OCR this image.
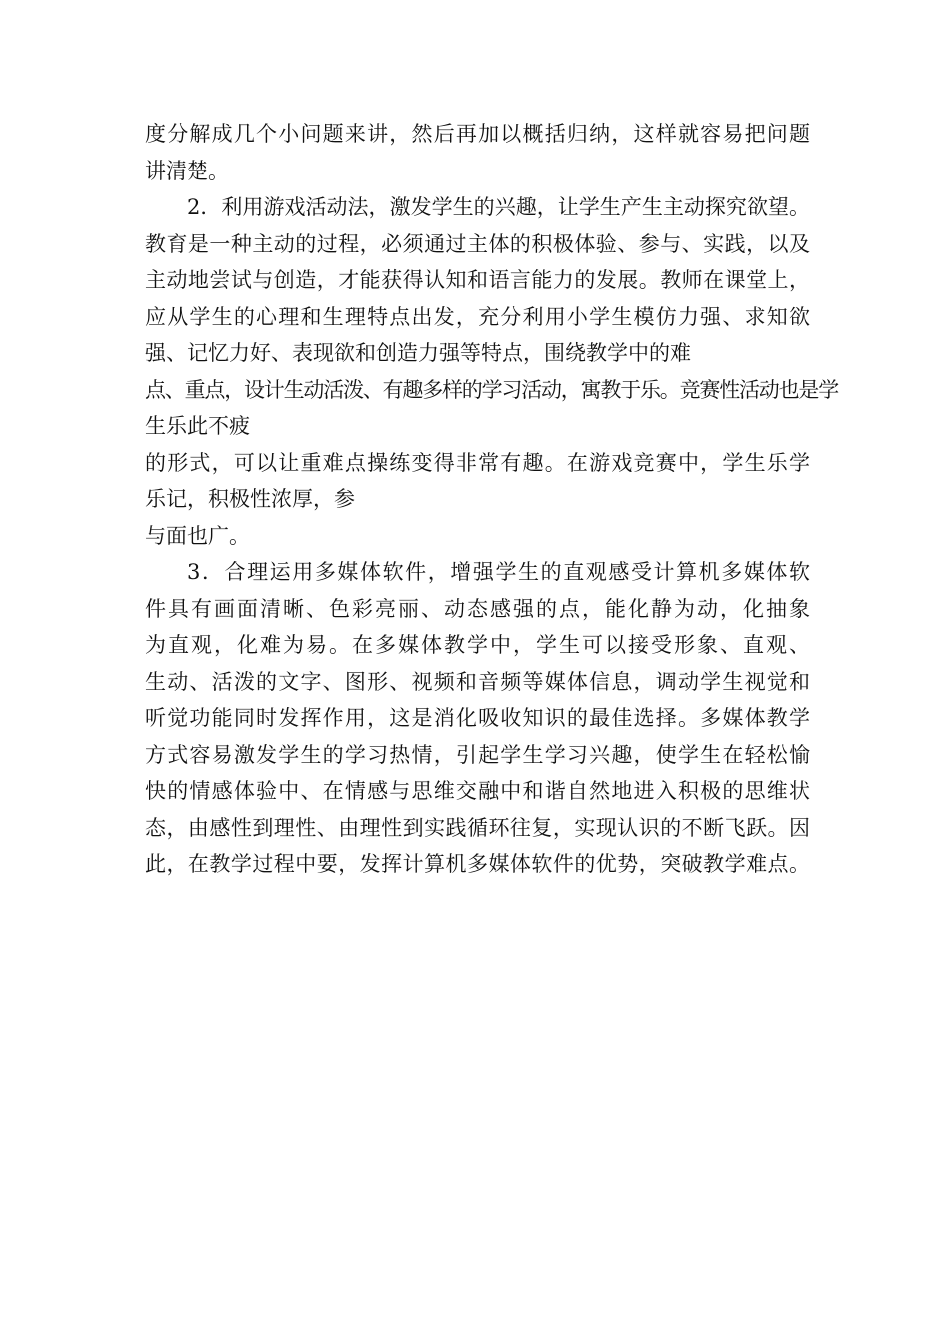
度分解成几个小问题来讲，然后再加以概括归纳，这样就容易把问题
讲清楚。
2．利用游戏活动法，激发学生的兴趣，让学生产生主动探究欲望。
教育是一种主动的过程，必须通过主体的积极体验、参与、实践，以及
主动地尝试与创造，才能获得认知和语言能力的发展。教师在课堂上，
应从学生的心理和生理特点出发，充分利用小学生模仿力强、求知欲
强、记忆力好、表现欲和创造力强等特点，围绕教学中的难
点、重点，设计生动活泼、有趣多样的学习活动，寓教于乐。竞赛性活动也是学
生乐此不疲
的形式，可以让重难点操练变得非常有趣。在游戏竞赛中，学生乐学
乐记，积极性浓厚，参
与面也广。
3．合理运用多媒体软件，增强学生的直观感受计算机多媒体软
件具有画面清晰、色彩亮丽、动态感强的点，能化静为动，化抽象
为直观，化难为易。在多媒体教学中，学生可以接受形象、直观、
生动、活泼的文字、图形、视频和音频等媒体信息，调动学生视觉和
听觉功能同时发挥作用，这是消化吸收知识的最佳选择。多媒体教学
方式容易激发学生的学习热情，引起学生学习兴趣，使学生在轻松愉
快的情感体验中、在情感与思维交融中和谐自然地进入积极的思维状
态，由感性到理性、由理性到实践循环往复，实现认识的不断飞跃。因
此，在教学过程中要，发挥计算机多媒体软件的优势，突破教学难点。
